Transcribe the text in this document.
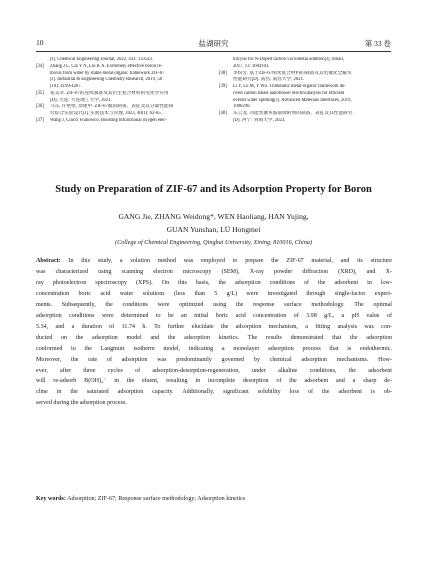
10	盐湖研究	第 33 卷
[J]. Chemical Engineering Journal, 2022, 433: 133543.
[34]	Zhang J L, Cai Y N, Liu K X. Extremely effective boron re-
moval from water by stable metal organic framework ZIF-67
[J]. Industrial & Engineering Chemistry Research, 2019, 58
(10): 4199-4207.
[35]	张美幸. ZIF-67的连续制备及其衍生复合材料的电化学应用
[D]. 大连: 大连理工大学, 2021.
[36]	马东, 许壁壁, 徐建中. ZIF-67膜的制备、表征及其分离性能研
究综合实验设计[J]. 实验技术与管理, 2023, 40(1): 62-65.
[37]	Wang J, Ciucci Francesco. Boosting bifunctional oxygen elec-
trolysis for N-Doped carbon via bimetal addition[J]. Small,
2017, 13: 1604103.
[38]	李纷芳. 基于ZIF-67纳米复合材料的制备及其电催化全解水
性能研究[D]. 南昌: 南昌大学, 2021.
[39]	Li Y, Lu M, Y Wu. Trimetallic metal-organic framework de-
rived carbon based nanoflower electrocatalysts for efficient
overall water splitting[J]. Advanced Materials Interfaces, 2019,
1900290.
[40]	乐云龙. 功能型聚苯胺嵌吸附剂的制备、表征及其性能研究
[D]. 西宁: 青海大学, 2023.
Study on Preparation of ZIF-67 and its Adsorption Property for Boron
GANG Jie, ZHANG Weidong*, WEN Haoliang, HAN Yujing,
GUAN Yunshan, LÜ Hongmei
(College of Chemical Engineering, Qinghai University, Xining, 810016, China)
Abstract: In this study, a solution method was employed to prepare the ZIF-67 material, and its structure
was characterized using scanning electron microscopy (SEM), X-ray powder diffraction (XRD), and X-
ray photoelectron spectroscopy (XPS). On this basis, the adsorption conditions of the adsorbent in low-
concentration boric acid water solutions (less than 5 g/L) were investigated through single-factor experi-
ments. Subsequently, the conditions were optimized using the response surface methodology. The optimal
adsorption conditions were determined to be an initial boric acid concentration of 3.98 g/L, a pH value of
5.34, and a duration of 11.74 h. To further elucidate the adsorption mechanism, a fitting analysis was con-
ducted on the adsorption model and the adsorption kinetics. The results demonstrated that the adsorption
conformed to the Langmuir isotherm model, indicating a monolayer adsorption process that is endothermic.
Moreover, the rate of adsorption was predominantly governed by chemical adsorption mechanisms. How-
ever, after three cycles of adsorption-desorption-regeneration, under alkaline conditions, the adsorbent
will re-adsorb B(OH)₄⁻ in the eluent, resulting in incomplete desorption of the adsorbent and a sharp de-
cline in the saturated adsorption capacity. Additionally, significant solubility loss of the adsorbent is ob-
served during the adsorption process.
Key words: Adsorption; ZIF-67; Response surface methodology; Adsorption kinetics
